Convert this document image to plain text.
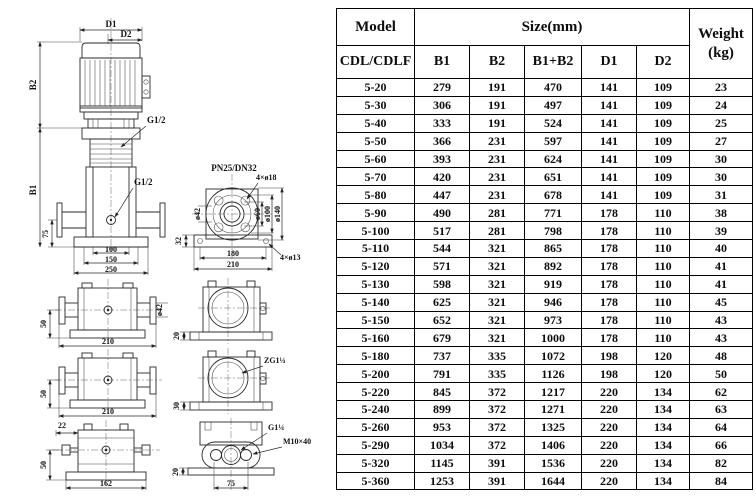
D1
D2
G1/2
G1/2
75
B1
B2
100
150
250
PN25/DN32
4×ø18
ø42
32
ø60 ø100 ø140
180
210
4×ø13
ø42
50
210
50
210
22
50
162
20
ZG1¼
30
G1¼
M10×40
20
75
Model	Size(mm)					Weight
(kg)

CDL/CDLF	B1	B2	B1+B2	D1	D2	
5-20	279	191	470	141	109	23
5-30	306	191	497	141	109	24
5-40	333	191	524	141	109	25
5-50	366	231	597	141	109	27
5-60	393	231	624	141	109	30
5-70	420	231	651	141	109	30
5-80	447	231	678	141	109	31
5-90	490	281	771	178	110	38
5-100	517	281	798	178	110	39
5-110	544	321	865	178	110	40
5-120	571	321	892	178	110	41
5-130	598	321	919	178	110	41
5-140	625	321	946	178	110	45
5-150	652	321	973	178	110	43
5-160	679	321	1000	178	110	43
5-180	737	335	1072	198	120	48
5-200	791	335	1126	198	120	50
5-220	845	372	1217	220	134	62
5-240	899	372	1271	220	134	63
5-260	953	372	1325	220	134	64
5-290	1034	372	1406	220	134	66
5-320	1145	391	1536	220	134	82
5-360	1253	391	1644	220	134	84
